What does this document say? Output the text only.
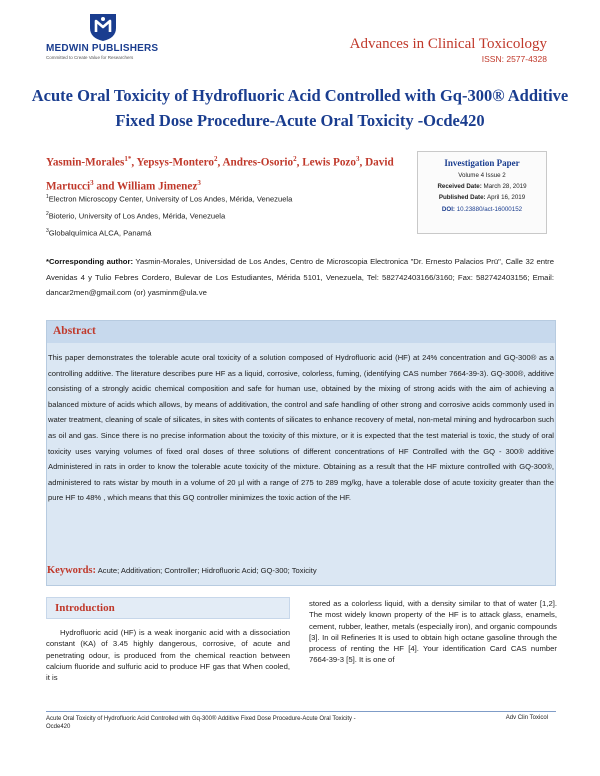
MEDWIN PUBLISHERS
Committed to Create Value for Researchers
Advances in Clinical Toxicology
ISSN: 2577-4328
Acute Oral Toxicity of Hydrofluoric Acid Controlled with Gq-300® Additive Fixed Dose Procedure-Acute Oral Toxicity -Ocde420
Yasmin-Morales$^{1*}$, Yepsys-Montero$^2$, Andres-Osorio$^2$, Lewis Pozo$^3$, David Martucci$^3$ and William Jimenez$^3$
$^1$Electron Microscopy Center, University of Los Andes, Mérida, Venezuela
$^2$Bioterio, University of Los Andes, Mérida, Venezuela
$^3$Globalquímica ALCA, Panamá
Investigation Paper
Volume 4 Issue 2
Received Date: March 28, 2019
Published Date: April 16, 2019
DOI: 10.23880/act-16000152
*Corresponding author: Yasmin-Morales, Universidad de Los Andes, Centro de Microscopia Electronica "Dr. Ernesto Palacios Prü", Calle 32 entre Avenidas 4 y Tulio Febres Cordero, Bulevar de Los Estudiantes, Mérida 5101, Venezuela, Tel: 582742403166/3160; Fax: 582742403156; Email: dancar2men@gmail.com (or) yasminm@ula.ve
Abstract
This paper demonstrates the tolerable acute oral toxicity of a solution composed of Hydrofluoric acid (HF) at 24% concentration and GQ-300® as a controlling additive. The literature describes pure HF as a liquid, corrosive, colorless, fuming, (identifying CAS number 7664-39-3). GQ-300®, additive consisting of a strongly acidic chemical composition and safe for human use, obtained by the mixing of strong acids with the aim of achieving a balanced mixture of acids which allows, by means of additivation, the control and safe handling of other strong and corrosive acids commonly used in water treatment, cleaning of scale of silicates, in sites with contents of silicates to enhance recovery of metal, non-metal mining and hydrocarbon such as oil and gas. Since there is no precise information about the toxicity of this mixture, or it is expected that the test material is toxic, the study of oral toxicity uses varying volumes of fixed oral doses of three solutions of different concentrations of HF Controlled with the GQ - 300® additive Administered in rats in order to know the tolerable acute toxicity of the mixture. Obtaining as a result that the HF mixture controlled with GQ-300®, administered to rats wistar by mouth in a volume of 20 µl with a range of 275 to 289 mg/kg, have a tolerable dose of acute toxicity greater than the pure HF to 48% , which means that this GQ controller minimizes the toxic action of the HF.
Keywords: Acute; Additivation; Controller; Hidrofluoric Acid; GQ-300; Toxicity
Introduction
Hydrofluoric acid (HF) is a weak inorganic acid with a dissociation constant (KA) of 3.45 highly dangerous, corrosive, of acute and penetrating odour, is produced from the chemical reaction between calcium fluoride and sulfuric acid to produce HF gas that When cooled, it is
stored as a colorless liquid, with a density similar to that of water [1,2]. The most widely known property of the HF is to attack glass, enamels, cement, rubber, leather, metals (especially iron), and organic compounds [3]. In oil Refineries It is used to obtain high octane gasoline through the process of renting the HF [4]. Your identification Card CAS number 7664-39-3 [5]. It is one of
Acute Oral Toxicity of Hydrofluoric Acid Controlled with Gq-300® Additive Fixed Dose Procedure-Acute Oral Toxicity -Ocde420
Adv Clin Toxicol
